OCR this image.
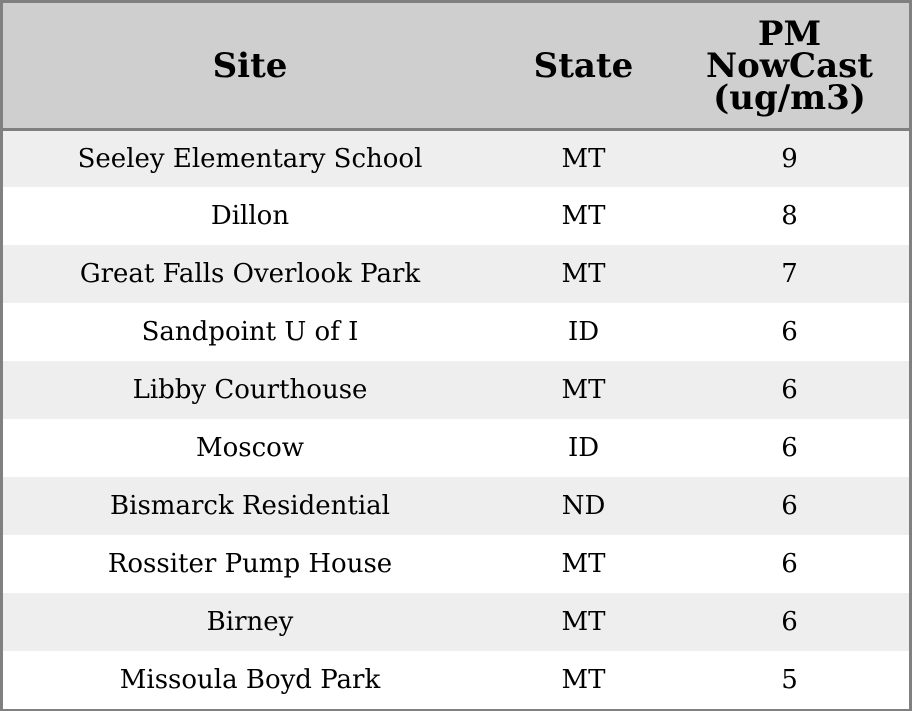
Site	State	PM
NowCast
(ug/m3)

Seeley Elementary School	MT	9
Dillon	MT	8
Great Falls Overlook Park	MT	7
Sandpoint U of I	ID	6
Libby Courthouse	MT	6
Moscow	ID	6
Bismarck Residential	ND	6
Rossiter Pump House	MT	6
Birney	MT	6
Missoula Boyd Park	MT	5
